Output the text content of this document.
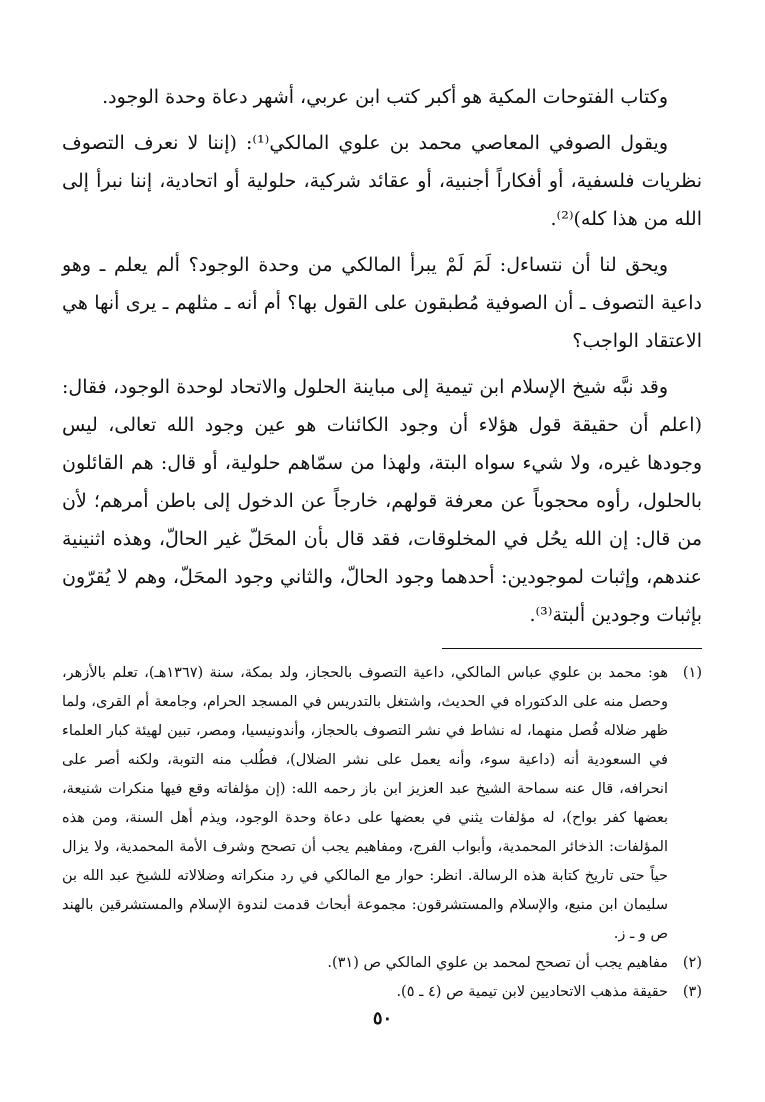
وكتاب الفتوحات المكية هو أكبر كتب ابن عربي، أشهر دعاة وحدة الوجود.

ويقول الصوفي المعاصي محمد بن علوي المالكي⁽¹⁾: (إننا لا نعرف التصوف نظريات فلسفية، أو أفكاراً أجنبية، أو عقائد شركية، حلولية أو اتحادية، إننا نبرأ إلى الله من هذا كله)⁽²⁾.

ويحق لنا أن نتساءل: لَمَ لَمْ يبرأ المالكي من وحدة الوجود؟ ألم يعلم ـ وهو داعية التصوف ـ أن الصوفية مُطبقون على القول بها؟ أم أنه ـ مثلهم ـ يرى أنها هي الاعتقاد الواجب؟

وقد نبَّه شيخ الإسلام ابن تيمية إلى مباينة الحلول والاتحاد لوحدة الوجود، فقال: (اعلم أن حقيقة قول هؤلاء أن وجود الكائنات هو عين وجود الله تعالى، ليس وجودها غيره، ولا شيء سواه البتة، ولهذا من سمّاهم حلولية، أو قال: هم القائلون بالحلول، رأوه محجوباً عن معرفة قولهم، خارجاً عن الدخول إلى باطن أمرهم؛ لأن من قال: إن الله يحُل في المخلوقات، فقد قال بأن المحَلّ غير الحالّ، وهذه اثنينية عندهم، وإثبات لموجودين: أحدهما وجود الحالّ، والثاني وجود المحَلّ، وهم لا يُقرّون بإثبات وجودين ألبتة⁽³⁾.

(١)
هو: محمد بن علوي عباس المالكي، داعية التصوف بالحجاز، ولد بمكة، سنة (١٣٦٧هـ)، تعلم بالأزهر، وحصل منه على الدكتوراه في الحديث، واشتغل بالتدريس في المسجد الحرام، وجامعة أم القرى، ولما ظهر ضلاله فُصل منهما، له نشاط في نشر التصوف بالحجاز، وأندونيسيا، ومصر، تبين لهيئة كبار العلماء في السعودية أنه (داعية سوء، وأنه يعمل على نشر الضلال)، فطُلب منه التوبة، ولكنه أصر على انحرافه، قال عنه سماحة الشيخ عبد العزيز ابن باز رحمه الله: (إن مؤلفاته وقع فيها منكرات شنيعة، بعضها كفر بواح)، له مؤلفات يثني في بعضها على دعاة وحدة الوجود، ويذم أهل السنة، ومن هذه المؤلفات: الذخائر المحمدية، وأبواب الفرج، ومفاهيم يجب أن تصحح وشرف الأمة المحمدية، ولا يزال حياً حتى تاريخ كتابة هذه الرسالة. انظر: حوار مع المالكي في رد منكراته وضلالاته للشيخ عبد الله بن سليمان ابن منيع، والإسلام والمستشرقون: مجموعة أبحاث قدمت لندوة الإسلام والمستشرقين بالهند ص و ـ ز.
(٢)
مفاهيم يجب أن تصحح لمحمد بن علوي المالكي ص (٣١).
(٣)
حقيقة مذهب الاتحاديين لابن تيمية ص (٤ ـ ٥).
٥٠
